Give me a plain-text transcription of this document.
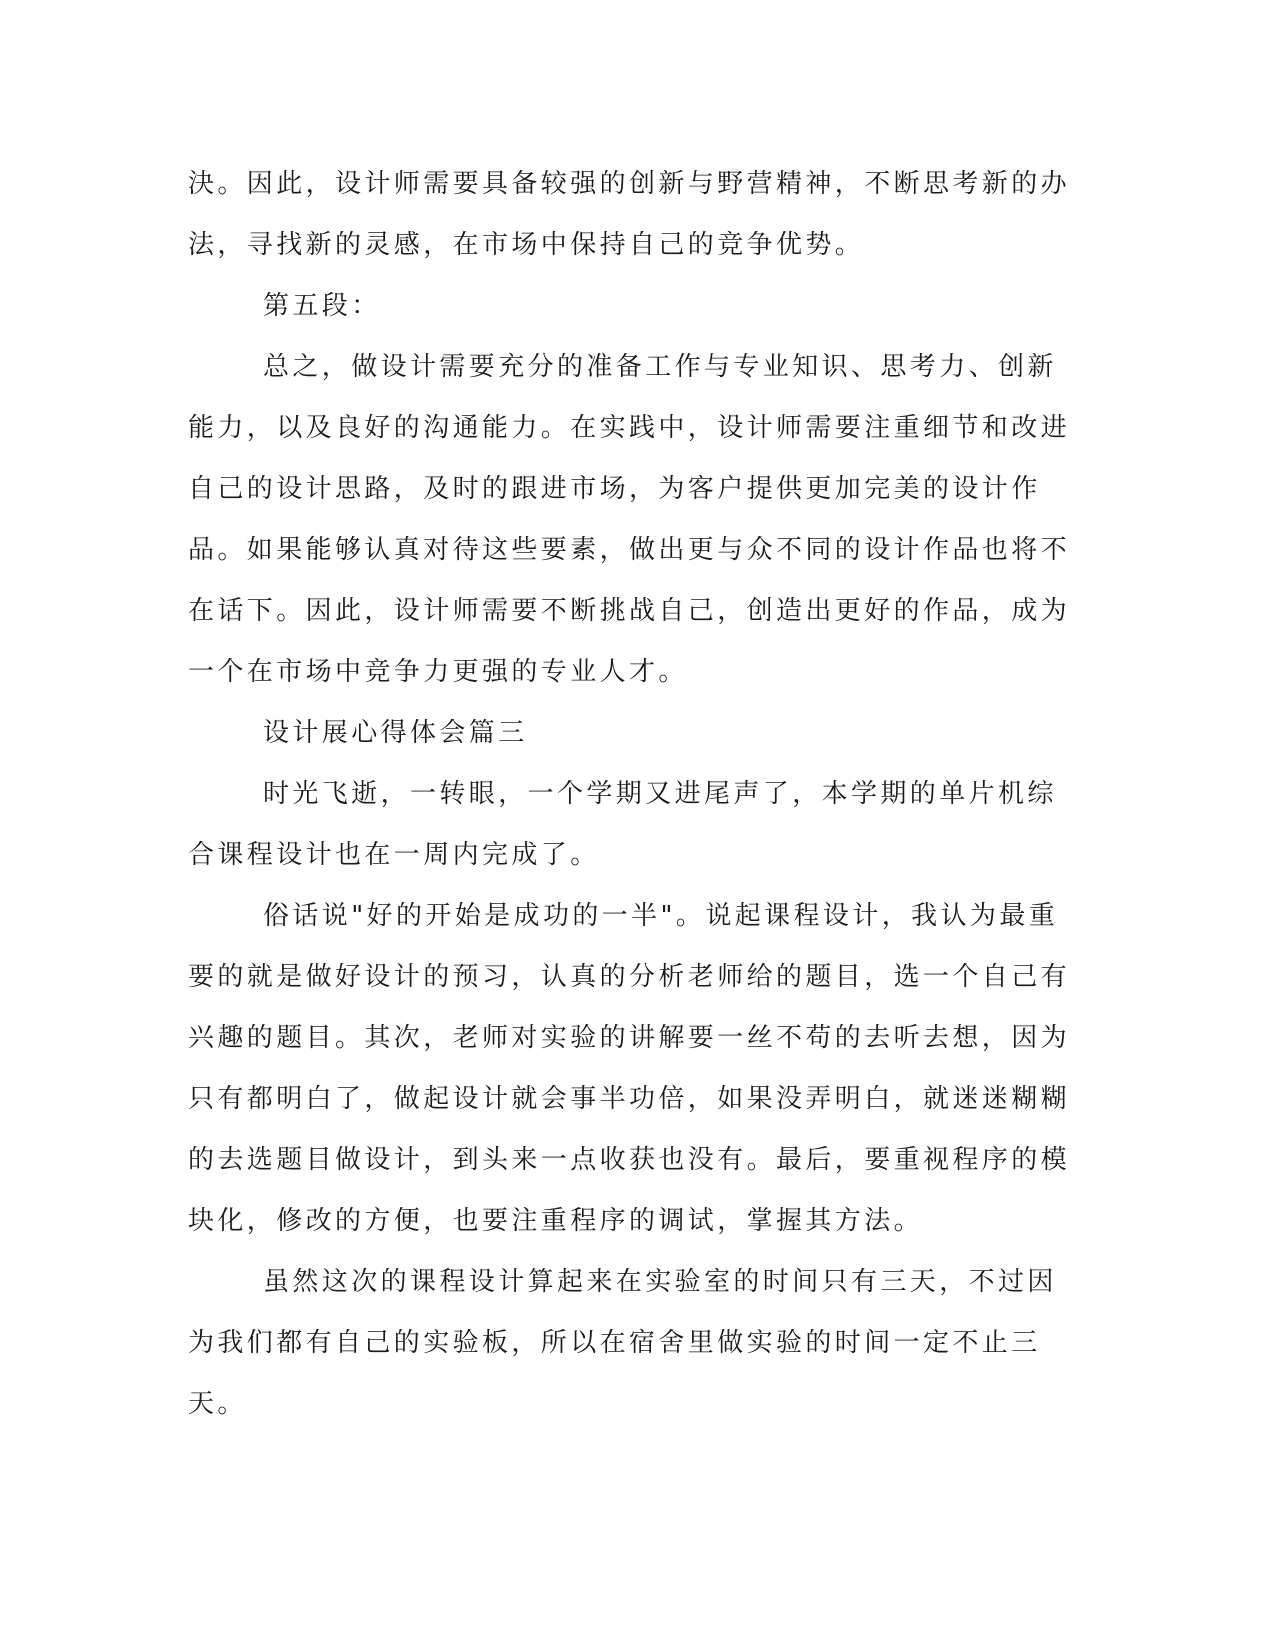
決。因此，设计师需要具备较强的创新与野营精神，不断思考新的办法，寻找新的灵感，在市场中保持自己的竞争优势。

第五段：

总之，做设计需要充分的准备工作与专业知识、思考力、创新能力，以及良好的沟通能力。在实践中，设计师需要注重细节和改进自己的设计思路，及时的跟进市场，为客户提供更加完美的设计作品。如果能够认真对待这些要素，做出更与众不同的设计作品也将不在话下。因此，设计师需要不断挑战自己，创造出更好的作品，成为一个在市场中竞争力更强的专业人才。

设计展心得体会篇三

时光飞逝，一转眼，一个学期又进尾声了，本学期的单片机综合课程设计也在一周内完成了。

俗话说"好的开始是成功的一半"。说起课程设计，我认为最重要的就是做好设计的预习，认真的分析老师给的题目，选一个自己有兴趣的题目。其次，老师对实验的讲解要一丝不苟的去听去想，因为只有都明白了，做起设计就会事半功倍，如果没弄明白，就迷迷糊糊的去选题目做设计，到头来一点收获也没有。最后，要重视程序的模块化，修改的方便，也要注重程序的调试，掌握其方法。

虽然这次的课程设计算起来在实验室的时间只有三天，不过因为我们都有自己的实验板，所以在宿舍里做实验的时间一定不止三天。
